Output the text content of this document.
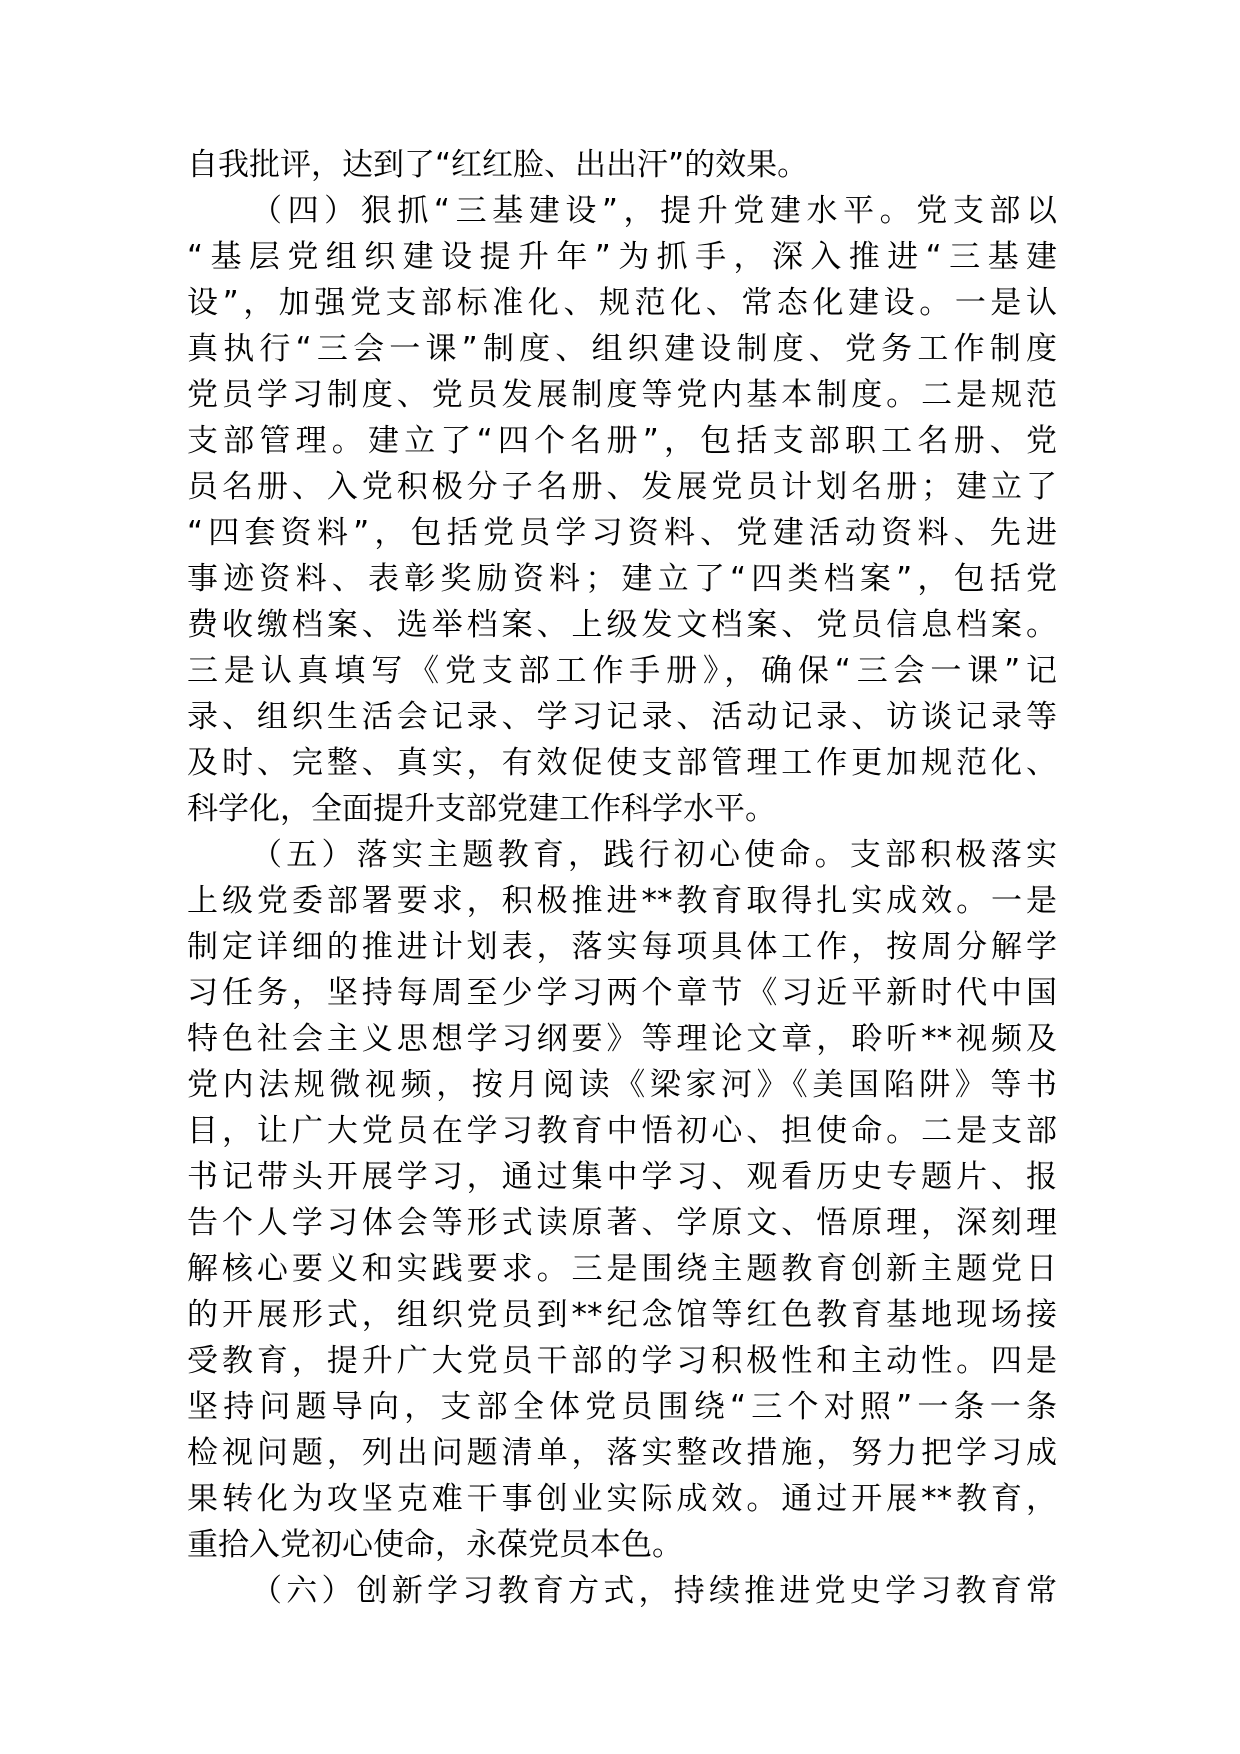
自我批评，达到了“红红脸、出出汗”的效果。
（四）狠抓“三基建设”，提升党建水平。党支部以
“基层党组织建设提升年”为抓手，深入推进“三基建
设”，加强党支部标准化、规范化、常态化建设。一是认
真执行“三会一课”制度、组织建设制度、党务工作制度
党员学习制度、党员发展制度等党内基本制度。二是规范
支部管理。建立了“四个名册”，包括支部职工名册、党
员名册、入党积极分子名册、发展党员计划名册；建立了
“四套资料”，包括党员学习资料、党建活动资料、先进
事迹资料、表彰奖励资料；建立了“四类档案”，包括党
费收缴档案、选举档案、上级发文档案、党员信息档案。
三是认真填写《党支部工作手册》，确保“三会一课”记
录、组织生活会记录、学习记录、活动记录、访谈记录等
及时、完整、真实，有效促使支部管理工作更加规范化、
科学化，全面提升支部党建工作科学水平。
（五）落实主题教育，践行初心使命。支部积极落实
上级党委部署要求，积极推进**教育取得扎实成效。一是
制定详细的推进计划表，落实每项具体工作，按周分解学
习任务，坚持每周至少学习两个章节《习近平新时代中国
特色社会主义思想学习纲要》等理论文章，聆听**视频及
党内法规微视频，按月阅读《梁家河》《美国陷阱》等书
目，让广大党员在学习教育中悟初心、担使命。二是支部
书记带头开展学习，通过集中学习、观看历史专题片、报
告个人学习体会等形式读原著、学原文、悟原理，深刻理
解核心要义和实践要求。三是围绕主题教育创新主题党日
的开展形式，组织党员到**纪念馆等红色教育基地现场接
受教育，提升广大党员干部的学习积极性和主动性。四是
坚持问题导向，支部全体党员围绕“三个对照”一条一条
检视问题，列出问题清单，落实整改措施，努力把学习成
果转化为攻坚克难干事创业实际成效。通过开展**教育，
重拾入党初心使命，永葆党员本色。
（六）创新学习教育方式，持续推进党史学习教育常
